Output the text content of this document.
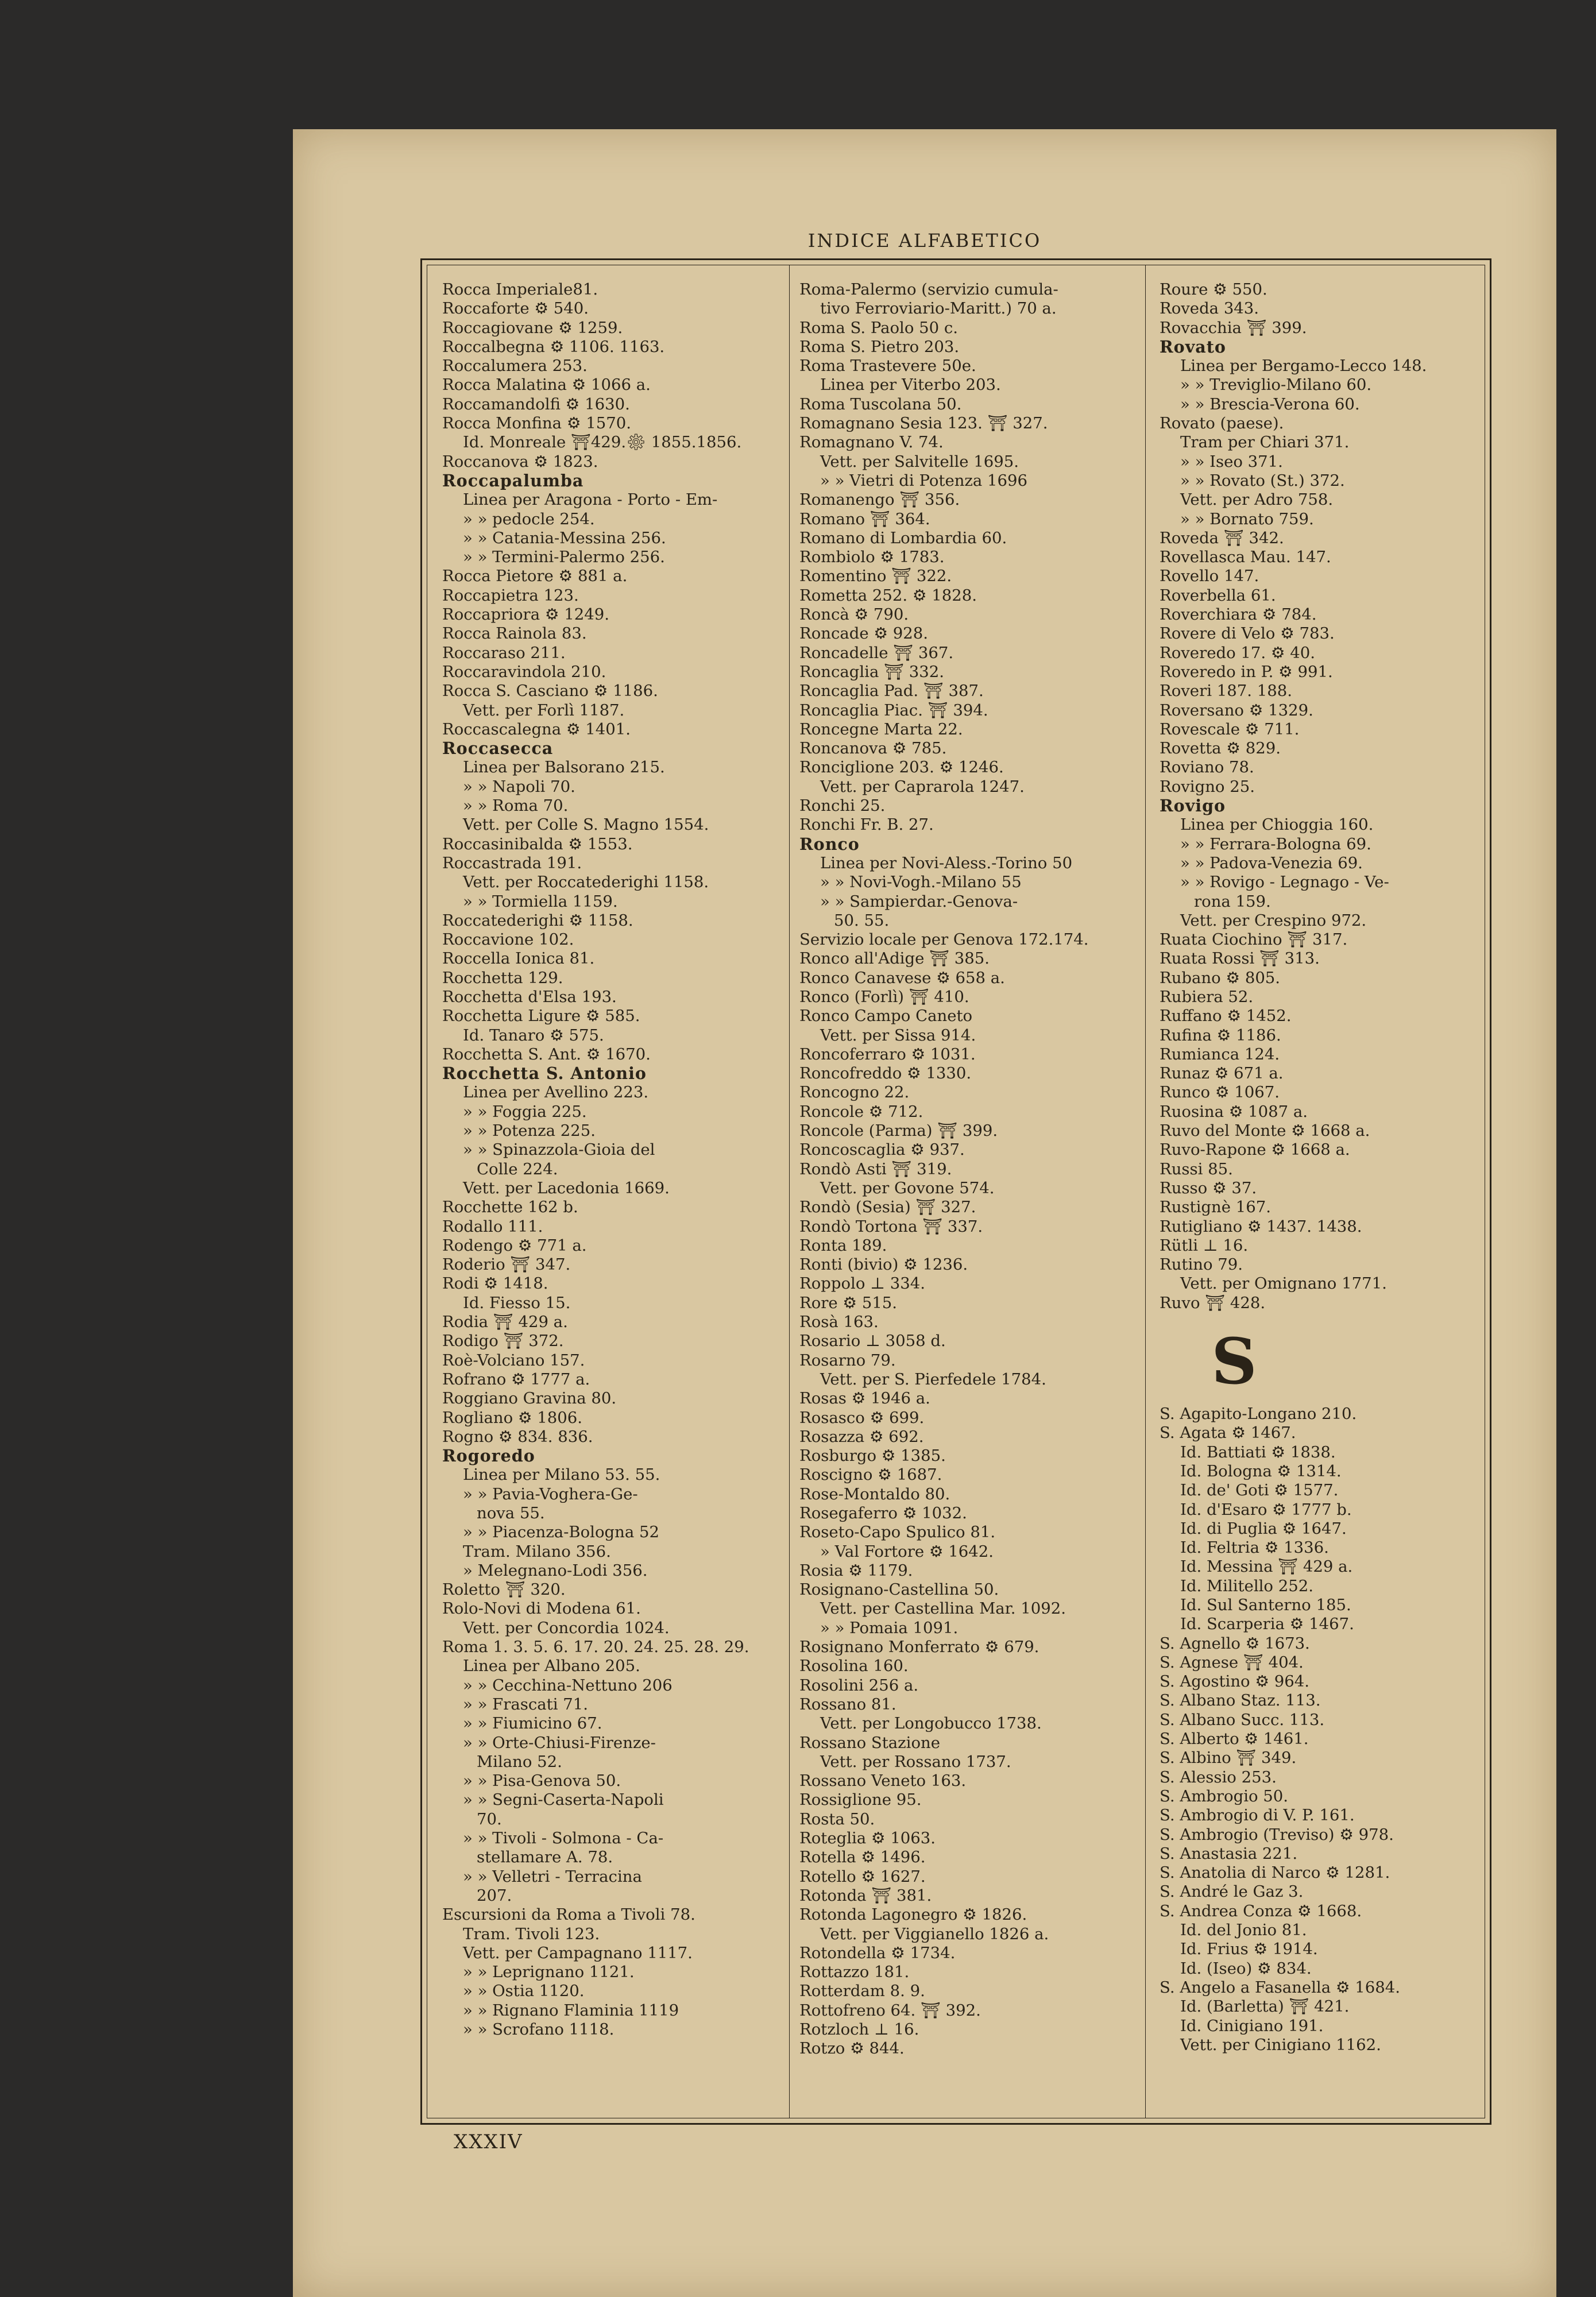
INDICE ALFABETICO
Rocca Imperiale81.
Roccaforte ⚙ 540.
Roccagiovane ⚙ 1259.
Roccalbegna ⚙ 1106. 1163.
Roccalumera 253.
Rocca Malatina ⚙ 1066 a.
Roccamandolfi ⚙ 1630.
Rocca Monfina ⚙ 1570.
Id. Monreale ⛩429.⚙ 1855.1856.
Roccanova ⚙ 1823.
Roccapalumba
Linea per Aragona - Porto - Em-
» » pedocle 254.
» » Catania-Messina 256.
» » Termini-Palermo 256.
Rocca Pietore ⚙ 881 a.
Roccapietra 123.
Roccapriora ⚙ 1249.
Rocca Rainola 83.
Roccaraso 211.
Roccaravindola 210.
Rocca S. Casciano ⚙ 1186.
Vett. per Forlì 1187.
Roccascalegna ⚙ 1401.
Roccasecca
Linea per Balsorano 215.
» » Napoli 70.
» » Roma 70.
Vett. per Colle S. Magno 1554.
Roccasinibalda ⚙ 1553.
Roccastrada 191.
Vett. per Roccatederighi 1158.
» » Tormiella 1159.
Roccatederighi ⚙ 1158.
Roccavione 102.
Roccella Ionica 81.
Rocchetta 129.
Rocchetta d'Elsa 193.
Rocchetta Ligure ⚙ 585.
Id. Tanaro ⚙ 575.
Rocchetta S. Ant. ⚙ 1670.
Rocchetta S. Antonio
Linea per Avellino 223.
» » Foggia 225.
» » Potenza 225.
» » Spinazzola-Gioia del
Colle 224.
Vett. per Lacedonia 1669.
Rocchette 162 b.
Rodallo 111.
Rodengo ⚙ 771 a.
Roderio ⛩ 347.
Rodi ⚙ 1418.
Id. Fiesso 15.
Rodia ⛩ 429 a.
Rodigo ⛩ 372.
Roè-Volciano 157.
Rofrano ⚙ 1777 a.
Roggiano Gravina 80.
Rogliano ⚙ 1806.
Rogno ⚙ 834. 836.
Rogoredo
Linea per Milano 53. 55.
» » Pavia-Voghera-Ge-
nova 55.
» » Piacenza-Bologna 52
Tram. Milano 356.
» Melegnano-Lodi 356.
Roletto ⛩ 320.
Rolo-Novi di Modena 61.
Vett. per Concordia 1024.
Roma 1. 3. 5. 6. 17. 20. 24. 25. 28. 29.
Linea per Albano 205.
» » Cecchina-Nettuno 206
» » Frascati 71.
» » Fiumicino 67.
» » Orte-Chiusi-Firenze-
Milano 52.
» » Pisa-Genova 50.
» » Segni-Caserta-Napoli
70.
» » Tivoli - Solmona - Ca-
stellamare A. 78.
» » Velletri - Terracina
207.
Escursioni da Roma a Tivoli 78.
Tram. Tivoli 123.
Vett. per Campagnano 1117.
» » Leprignano 1121.
» » Ostia 1120.
» » Rignano Flaminia 1119
» » Scrofano 1118.
Roma-Palermo (servizio cumula-
tivo Ferroviario-Maritt.) 70 a.
Roma S. Paolo 50 c.
Roma S. Pietro 203.
Roma Trastevere 50e.
Linea per Viterbo 203.
Roma Tuscolana 50.
Romagnano Sesia 123. ⛩ 327.
Romagnano V. 74.
Vett. per Salvitelle 1695.
» » Vietri di Potenza 1696
Romanengo ⛩ 356.
Romano ⛩ 364.
Romano di Lombardia 60.
Rombiolo ⚙ 1783.
Romentino ⛩ 322.
Rometta 252. ⚙ 1828.
Roncà ⚙ 790.
Roncade ⚙ 928.
Roncadelle ⛩ 367.
Roncaglia ⛩ 332.
Roncaglia Pad. ⛩ 387.
Roncaglia Piac. ⛩ 394.
Roncegne Marta 22.
Roncanova ⚙ 785.
Ronciglione 203. ⚙ 1246.
Vett. per Caprarola 1247.
Ronchi 25.
Ronchi Fr. B. 27.
Ronco
Linea per Novi-Aless.-Torino 50
» » Novi-Vogh.-Milano 55
» » Sampierdar.-Genova-
50. 55.
Servizio locale per Genova 172.174.
Ronco all'Adige ⛩ 385.
Ronco Canavese ⚙ 658 a.
Ronco (Forlì) ⛩ 410.
Ronco Campo Caneto
Vett. per Sissa 914.
Roncoferraro ⚙ 1031.
Roncofreddo ⚙ 1330.
Roncogno 22.
Roncole ⚙ 712.
Roncole (Parma) ⛩ 399.
Roncoscaglia ⚙ 937.
Rondò Asti ⛩ 319.
Vett. per Govone 574.
Rondò (Sesia) ⛩ 327.
Rondò Tortona ⛩ 337.
Ronta 189.
Ronti (bivio) ⚙ 1236.
Roppolo ⊥ 334.
Rore ⚙ 515.
Rosà 163.
Rosario ⊥ 3058 d.
Rosarno 79.
Vett. per S. Pierfedele 1784.
Rosas ⚙ 1946 a.
Rosasco ⚙ 699.
Rosazza ⚙ 692.
Rosburgo ⚙ 1385.
Roscigno ⚙ 1687.
Rose-Montaldo 80.
Rosegaferro ⚙ 1032.
Roseto-Capo Spulico 81.
» Val Fortore ⚙ 1642.
Rosia ⚙ 1179.
Rosignano-Castellina 50.
Vett. per Castellina Mar. 1092.
» » Pomaia 1091.
Rosignano Monferrato ⚙ 679.
Rosolina 160.
Rosolini 256 a.
Rossano 81.
Vett. per Longobucco 1738.
Rossano Stazione
Vett. per Rossano 1737.
Rossano Veneto 163.
Rossiglione 95.
Rosta 50.
Roteglia ⚙ 1063.
Rotella ⚙ 1496.
Rotello ⚙ 1627.
Rotonda ⛩ 381.
Rotonda Lagonegro ⚙ 1826.
Vett. per Viggianello 1826 a.
Rotondella ⚙ 1734.
Rottazzo 181.
Rotterdam 8. 9.
Rottofreno 64. ⛩ 392.
Rotzloch ⊥ 16.
Rotzo ⚙ 844.
Roure ⚙ 550.
Roveda 343.
Rovacchia ⛩ 399.
Rovato
Linea per Bergamo-Lecco 148.
» » Treviglio-Milano 60.
» » Brescia-Verona 60.
Rovato (paese).
Tram per Chiari 371.
» » Iseo 371.
» » Rovato (St.) 372.
Vett. per Adro 758.
» » Bornato 759.
Roveda ⛩ 342.
Rovellasca Mau. 147.
Rovello 147.
Roverbella 61.
Roverchiara ⚙ 784.
Rovere di Velo ⚙ 783.
Roveredo 17. ⚙ 40.
Roveredo in P. ⚙ 991.
Roveri 187. 188.
Roversano ⚙ 1329.
Rovescale ⚙ 711.
Rovetta ⚙ 829.
Roviano 78.
Rovigno 25.
Rovigo
Linea per Chioggia 160.
» » Ferrara-Bologna 69.
» » Padova-Venezia 69.
» » Rovigo - Legnago - Ve-
rona 159.
Vett. per Crespino 972.
Ruata Ciochino ⛩ 317.
Ruata Rossi ⛩ 313.
Rubano ⚙ 805.
Rubiera 52.
Ruffano ⚙ 1452.
Rufina ⚙ 1186.
Rumianca 124.
Runaz ⚙ 671 a.
Runco ⚙ 1067.
Ruosina ⚙ 1087 a.
Ruvo del Monte ⚙ 1668 a.
Ruvo-Rapone ⚙ 1668 a.
Russi 85.
Russo ⚙ 37.
Rustignè 167.
Rutigliano ⚙ 1437. 1438.
Rütli ⊥ 16.
Rutino 79.
Vett. per Omignano 1771.
Ruvo ⛩ 428.
S
S. Agapito-Longano 210.
S. Agata ⚙ 1467.
Id. Battiati ⚙ 1838.
Id. Bologna ⚙ 1314.
Id. de' Goti ⚙ 1577.
Id. d'Esaro ⚙ 1777 b.
Id. di Puglia ⚙ 1647.
Id. Feltria ⚙ 1336.
Id. Messina ⛩ 429 a.
Id. Militello 252.
Id. Sul Santerno 185.
Id. Scarperia ⚙ 1467.
S. Agnello ⚙ 1673.
S. Agnese ⛩ 404.
S. Agostino ⚙ 964.
S. Albano Staz. 113.
S. Albano Succ. 113.
S. Alberto ⚙ 1461.
S. Albino ⛩ 349.
S. Alessio 253.
S. Ambrogio 50.
S. Ambrogio di V. P. 161.
S. Ambrogio (Treviso) ⚙ 978.
S. Anastasia 221.
S. Anatolia di Narco ⚙ 1281.
S. André le Gaz 3.
S. Andrea Conza ⚙ 1668.
Id. del Jonio 81.
Id. Frius ⚙ 1914.
Id. (Iseo) ⚙ 834.
S. Angelo a Fasanella ⚙ 1684.
Id. (Barletta) ⛩ 421.
Id. Cinigiano 191.
Vett. per Cinigiano 1162.
XXXIV
